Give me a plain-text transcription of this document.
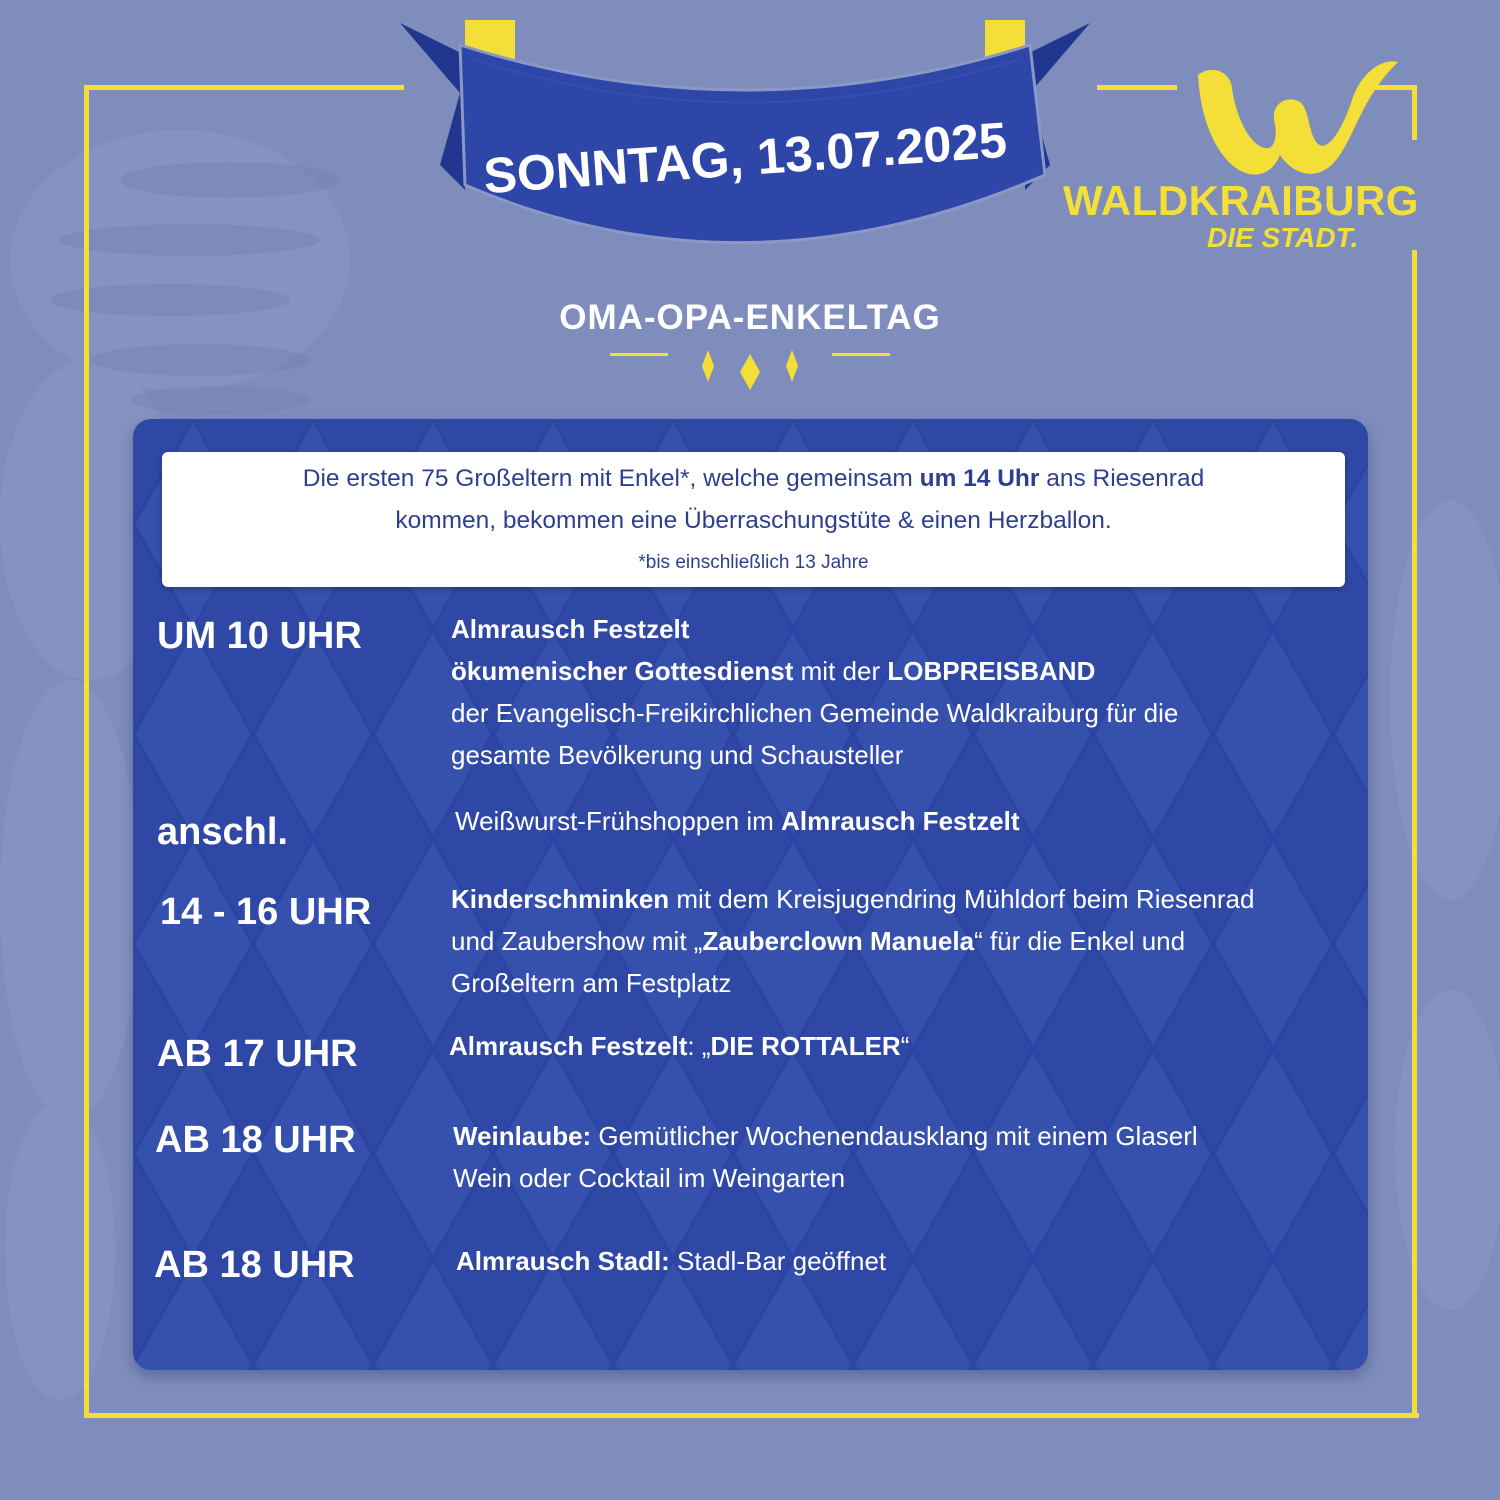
SONNTAG, 13.07.2025 WALDKRAIBURG
DIE STADT.
OMA-OPA-ENKELTAG
Die ersten 75 Großeltern mit Enkel*, welche gemeinsam um 14 Uhr ans Riesenrad
kommen, bekommen eine Überraschungstüte & einen Herzballon.
*bis einschließlich 13 Jahre
UM 10 UHR	Almrausch Festzelt
ökumenischer Gottesdienst mit der LOBPREISBAND
der Evangelisch-Freikirchlichen Gemeinde Waldkraiburg für die
gesamte Bevölkerung und Schausteller
anschl.	Weißwurst-Frühshoppen im Almrausch Festzelt
14 - 16 UHR	Kinderschminken mit dem Kreisjugendring Mühldorf beim Riesenrad
und Zaubershow mit „Zauberclown Manuela“ für die Enkel und
Großeltern am Festplatz
AB 17 UHR	Almrausch Festzelt: „DIE ROTTALER“
AB 18 UHR	Weinlaube: Gemütlicher Wochenendausklang mit einem Glaserl
Wein oder Cocktail im Weingarten
AB 18 UHR	Almrausch Stadl: Stadl-Bar geöffnet
